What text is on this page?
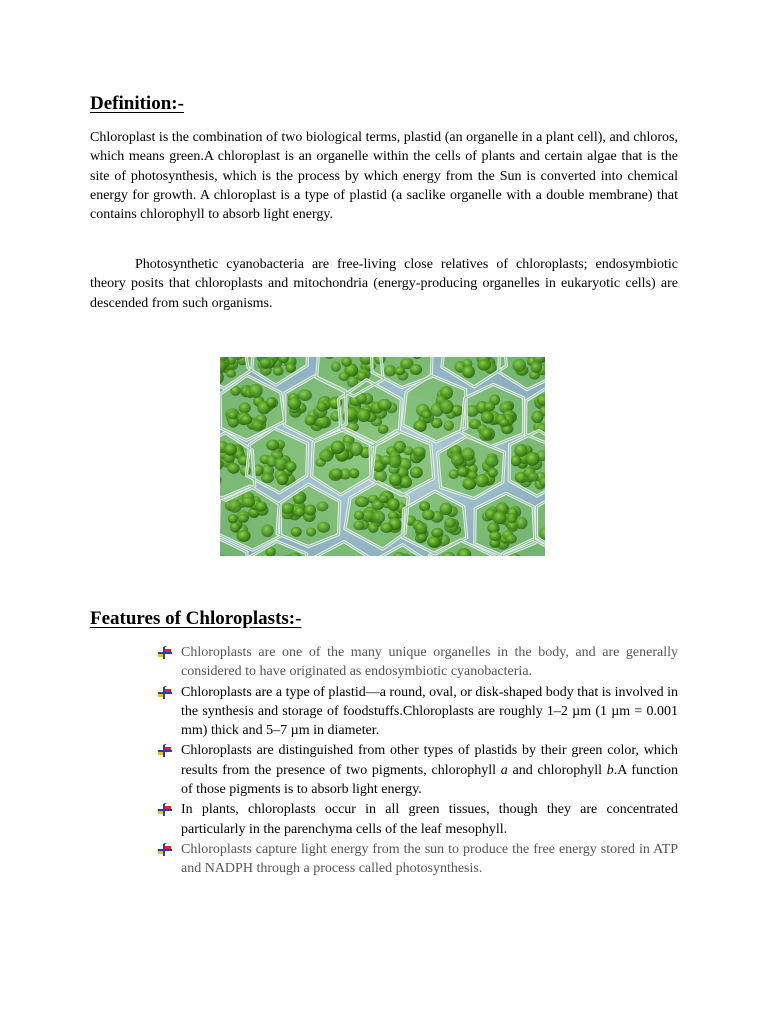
Definition:-

Chloroplast is the combination of two biological terms, plastid (an organelle in a plant cell), and chloros, which means green.A chloroplast is an organelle within the cells of plants and certain algae that is the site of photosynthesis, which is the process by which energy from the Sun is converted into chemical energy for growth. A chloroplast is a type of plastid (a saclike organelle with a double membrane) that contains chlorophyll to absorb light energy.

Photosynthetic cyanobacteria are free-living close relatives of chloroplasts; endosymbiotic theory posits that chloroplasts and mitochondria (energy-producing organelles in eukaryotic cells) are descended from such organisms.

Features of Chloroplasts:-
Chloroplasts are one of the many unique organelles in the body, and are generally considered to have originated as endosymbiotic cyanobacteria.
Chloroplasts are a type of plastid—a round, oval, or disk-shaped body that is involved in the synthesis and storage of foodstuffs.Chloroplasts are roughly 1–2 µm (1 µm = 0.001 mm) thick and 5–7 µm in diameter.
Chloroplasts are distinguished from other types of plastids by their green color, which results from the presence of two pigments, chlorophyll a and chlorophyll b.A function of those pigments is to absorb light energy.
In plants, chloroplasts occur in all green tissues, though they are concentrated particularly in the parenchyma cells of the leaf mesophyll.
Chloroplasts capture light energy from the sun to produce the free energy stored in ATP and NADPH through a process called photosynthesis.
